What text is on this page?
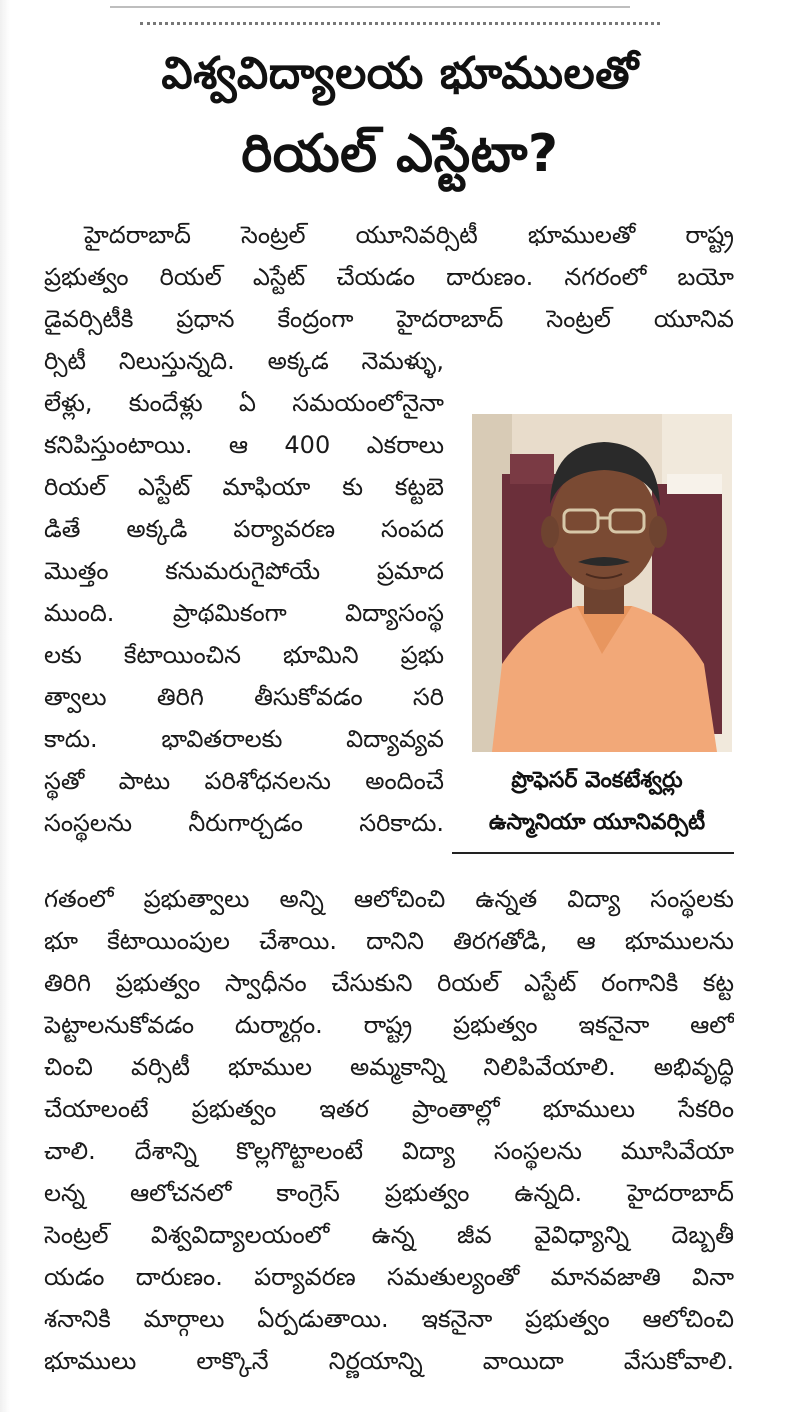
విశ్వవిద్యాలయ భూములతో
రియల్ ఎస్టేటా?
హైదరాబాద్ సెంట్రల్ యూనివర్సిటీ భూములతో రాష్ట్ర
ప్రభుత్వం రియల్ ఎస్టేట్ చేయడం దారుణం. నగరంలో బయో
డైవర్సిటీకి ప్రధాన కేంద్రంగా హైదరాబాద్ సెంట్రల్ యూనివ
ర్సిటీ నిలుస్తున్నది. అక్కడ నెమళ్ళు,
లేళ్లు, కుందేళ్లు ఏ సమయంలోనైనా
కనిపిస్తుంటాయి. ఆ 400 ఎకరాలు
రియల్ ఎస్టేట్ మాఫియా కు కట్టబె
డితే అక్కడి పర్యావరణ సంపద
మొత్తం కనుమరుగైపోయే ప్రమాద
ముంది. ప్రాథమికంగా విద్యాసంస్థ
లకు కేటాయించిన భూమిని ప్రభు
త్వాలు తిరిగి తీసుకోవడం సరి
కాదు. భావితరాలకు విద్యావ్యవ
స్థతో పాటు పరిశోధనలను అందించే
సంస్థలను నీరుగార్చడం సరికాదు.
ప్రొఫెసర్ వెంకటేశ్వర్లు
ఉస్మానియా యూనివర్సిటీ
గతంలో ప్రభుత్వాలు అన్ని ఆలోచించి ఉన్నత విద్యా సంస్థలకు
భూ కేటాయింపుల చేశాయి. దానిని తిరగతోడి, ఆ భూములను
తిరిగి ప్రభుత్వం స్వాధీనం చేసుకుని రియల్ ఎస్టేట్ రంగానికి కట్ట
పెట్టాలనుకోవడం దుర్మార్గం. రాష్ట్ర ప్రభుత్వం ఇకనైనా ఆలో
చించి వర్సిటీ భూముల అమ్మకాన్ని నిలిపివేయాలి. అభివృద్ధి
చేయాలంటే ప్రభుత్వం ఇతర ప్రాంతాల్లో భూములు సేకరిం
చాలి. దేశాన్ని కొల్లగొట్టాలంటే విద్యా సంస్థలను మూసివేయా
లన్న ఆలోచనలో కాంగ్రెస్ ప్రభుత్వం ఉన్నది. హైదరాబాద్
సెంట్రల్ విశ్వవిద్యాలయంలో ఉన్న జీవ వైవిధ్యాన్ని దెబ్బతీ
యడం దారుణం. పర్యావరణ సమతుల్యంతో మానవజాతి వినా
శనానికి మార్గాలు ఏర్పడుతాయి. ఇకనైనా ప్రభుత్వం ఆలోచించి
భూములు లాక్కొనే నిర్ణయాన్ని వాయిదా వేసుకోవాలి.
